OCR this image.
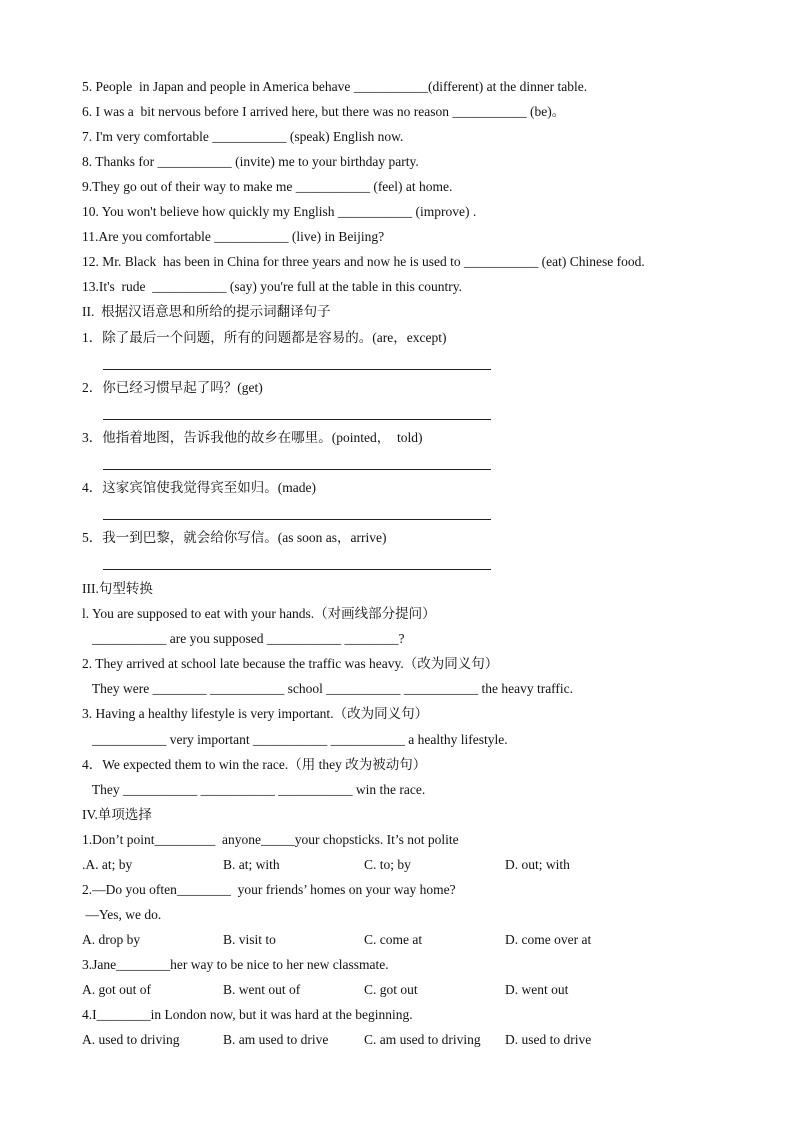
5. People  in Japan and people in America behave ___________(different) at the dinner table.
6. I was a  bit nervous before I arrived here, but there was no reason ___________ (be)。
7. I'm very comfortable ___________ (speak) English now.
8. Thanks for ___________ (invite) me to your birthday party.
9.They go out of their way to make me ___________ (feel) at home.
10. You won't believe how quickly my English ___________ (improve) .
11.Are you comfortable ___________ (live) in Beijing?
12. Mr. Black  has been in China for three years and now he is used to ___________ (eat) Chinese food.
13.It's  rude  ___________ (say) you're full at the table in this country.
II.  根据汉语意思和所给的提示词翻译句子
1．除了最后一个问题，所有的问题都是容易的。(are，except)
2．你已经习惯早起了吗？(get)
3．他指着地图，告诉我他的故乡在哪里。(pointed，  told)
4．这家宾馆使我觉得宾至如归。(made)
5．我一到巴黎，就会给你写信。(as soon as，arrive)
III.句型转换
l. You are supposed to eat with your hands.（对画线部分提问）
___________ are you supposed ___________ ________?
2. They arrived at school late because the traffic was heavy.（改为同义句）
They were ________ ___________ school ___________ ___________ the heavy traffic.
3. Having a healthy lifestyle is very important.（改为同义句）
___________ very important ___________ ___________ a healthy lifestyle.
4．We expected them to win the race.（用 they 改为被动句）
They ___________ ___________ ___________ win the race.
IV.单项选择
1.Don’t point_________  anyone_____your chopsticks. It’s not polite
.A. at; by	B. at; with	C. to; by	D. out; with
2.—Do you often________  your friends’ homes on your way home?
—Yes, we do.
A. drop by	B. visit to	C. come at	D. come over at
3.Jane________her way to be nice to her new classmate.
A. got out of	B. went out of	C. got out	D. went out
4.I________in London now, but it was hard at the beginning.
A. used to driving	B. am used to drive	C. am used to driving D. used to drive
